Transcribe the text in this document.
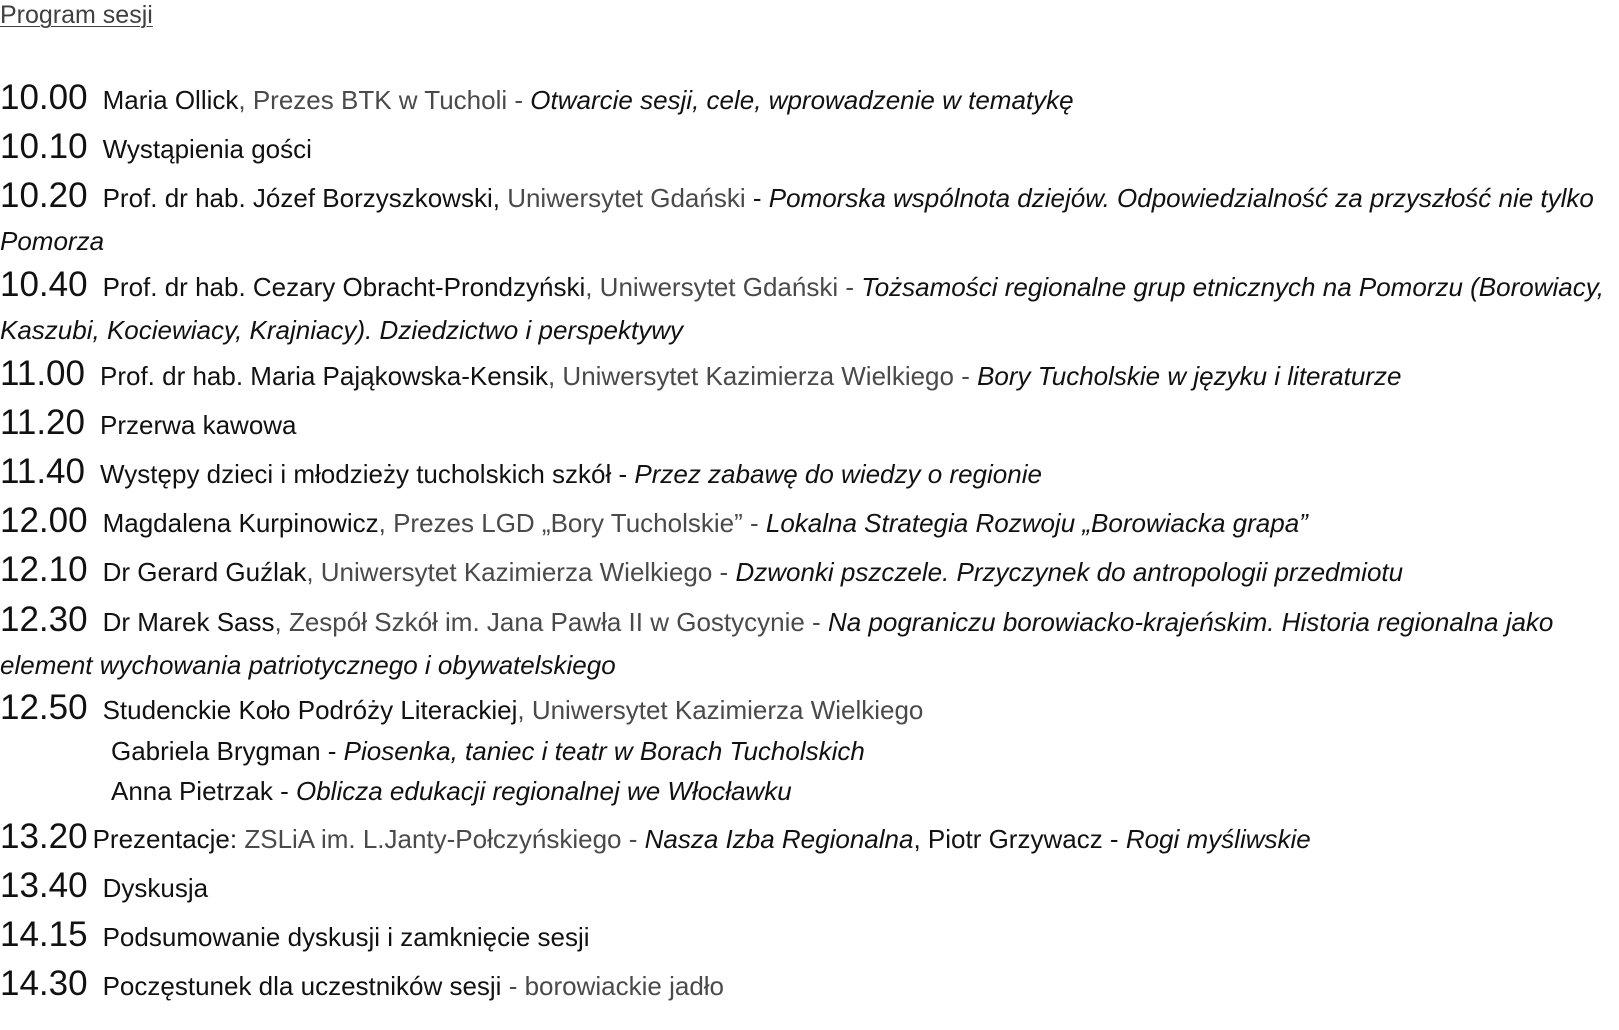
Program sesji
10.00 Maria Ollick, Prezes BTK w Tucholi - Otwarcie sesji, cele, wprowadzenie w tematykę
10.10 Wystąpienia gości
10.20 Prof. dr hab. Józef Borzyszkowski, Uniwersytet Gdański - Pomorska wspólnota dziejów. Odpowiedzialność za przyszłość nie tylko Pomorza
10.40 Prof. dr hab. Cezary Obracht-Prondzyński, Uniwersytet Gdański - Tożsamości regionalne grup etnicznych na Pomorzu (Borowiacy, Kaszubi, Kociewiacy, Krajniacy). Dziedzictwo i perspektywy
11.00 Prof. dr hab. Maria Pająkowska-Kensik, Uniwersytet Kazimierza Wielkiego - Bory Tucholskie w języku i literaturze
11.20 Przerwa kawowa
11.40 Występy dzieci i młodzieży tucholskich szkół - Przez zabawę do wiedzy o regionie
12.00 Magdalena Kurpinowicz, Prezes LGD „Bory Tucholskie” - Lokalna Strategia Rozwoju „Borowiacka grapa”
12.10 Dr Gerard Guźlak, Uniwersytet Kazimierza Wielkiego - Dzwonki pszczele. Przyczynek do antropologii przedmiotu
12.30 Dr Marek Sass, Zespół Szkół im. Jana Pawła II w Gostycynie - Na pograniczu borowiacko-krajeńskim. Historia regionalna jako element wychowania patriotycznego i obywatelskiego
12.50 Studenckie Koło Podróży Literackiej, Uniwersytet Kazimierza Wielkiego
Gabriela Brygman - Piosenka, taniec i teatr w Borach Tucholskich
Anna Pietrzak - Oblicza edukacji regionalnej we Włocławku
13.20 Prezentacje: ZSLiA im. L.Janty-Połczyńskiego - Nasza Izba Regionalna, Piotr Grzywacz - Rogi myśliwskie
13.40 Dyskusja
14.15 Podsumowanie dyskusji i zamknięcie sesji
14.30 Poczęstunek dla uczestników sesji - borowiackie jadło
